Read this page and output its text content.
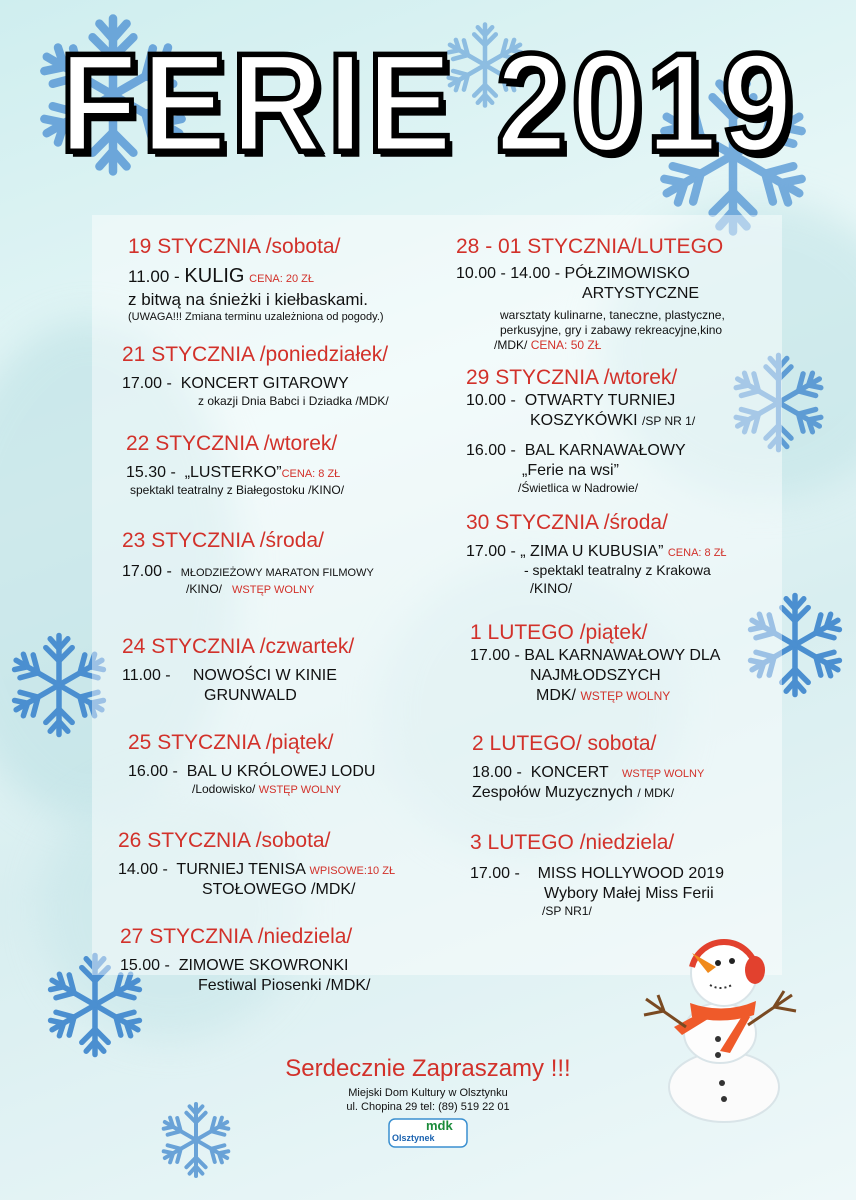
FERIE 2019
19 STYCZNIA /sobota/
11.00 - KULIG CENA: 20 ZŁ
z bitwą na śnieżki i kiełbaskami.
(UWAGA!!! Zmiana terminu uzależniona od pogody.)
21 STYCZNIA /poniedziałek/
17.00 - KONCERT GITAROWY
z okazji Dnia Babci i Dziadka /MDK/
22 STYCZNIA /wtorek/
15.30 - „LUSTERKO”CENA: 8 ZŁ
spektakl teatralny z Białegostoku /KINO/
23 STYCZNIA /środa/
17.00 - MŁODZIEŻOWY MARATON FILMOWY
/KINO/ WSTĘP WOLNY
24 STYCZNIA /czwartek/
11.00 - NOWOŚCI W KINIE
GRUNWALD
25 STYCZNIA /piątek/
16.00 - BAL U KRÓLOWEJ LODU
/Lodowisko/ WSTĘP WOLNY
26 STYCZNIA /sobota/
14.00 - TURNIEJ TENISA WPISOWE:10 ZŁ
STOŁOWEGO /MDK/
27 STYCZNIA /niedziela/
15.00 - ZIMOWE SKOWRONKI
Festiwal Piosenki /MDK/
28 - 01 STYCZNIA/LUTEGO
10.00 - 14.00 - PÓŁZIMOWISKO
ARTYSTYCZNE
warsztaty kulinarne, taneczne, plastyczne,
perkusyjne, gry i zabawy rekreacyjne,kino
/MDK/ CENA: 50 ZŁ
29 STYCZNIA /wtorek/
10.00 - OTWARTY TURNIEJ
KOSZYKÓWKI /SP NR 1/
16.00 - BAL KARNAWAŁOWY
„Ferie na wsi”
/Świetlica w Nadrowie/
30 STYCZNIA /środa/
17.00 - „ ZIMA U KUBUSIA” CENA: 8 ZŁ
- spektakl teatralny z Krakowa
/KINO/
1 LUTEGO /piątek/
17.00 - BAL KARNAWAŁOWY DLA
NAJMŁODSZYCH
MDK/ WSTĘP WOLNY
2 LUTEGO/ sobota/
18.00 - KONCERT WSTĘP WOLNY
Zespołów Muzycznych / MDK/
3 LUTEGO /niedziela/
17.00 - MISS HOLLYWOOD 2019
Wybory Małej Miss Ferii
/SP NR1/
Serdecznie Zapraszamy !!!
Miejski Dom Kultury w Olsztynku
ul. Chopina 29 tel: (89) 519 22 01
mdk
Olsztynek
